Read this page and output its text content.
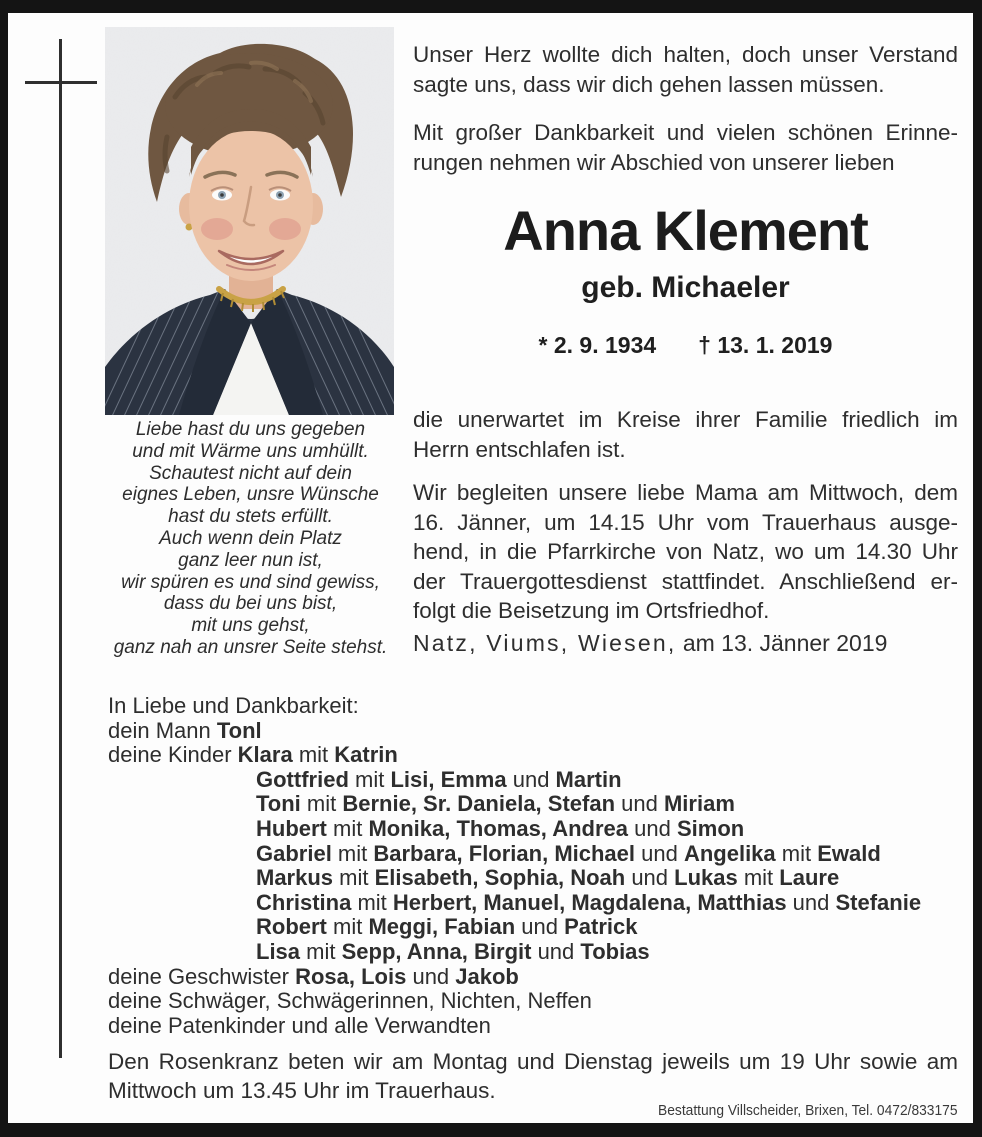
Liebe hast du uns gegeben
und mit Wärme uns umhüllt.
Schautest nicht auf dein
eignes Leben, unsre Wünsche
hast du stets erfüllt.
Auch wenn dein Platz
ganz leer nun ist,
wir spüren es und sind gewiss,
dass du bei uns bist,
mit uns gehst,
ganz nah an unsrer Seite stehst.
Unser Herz wollte dich halten, doch unser Verstand
sagte uns, dass wir dich gehen lassen müssen.
Mit großer Dankbarkeit und vielen schönen Erinne-
rungen nehmen wir Abschied von unserer lieben
Anna Klement
geb. Michaeler
* 2. 9. 1934 † 13. 1. 2019
die unerwartet im Kreise ihrer Familie friedlich im
Herrn entschlafen ist.
Wir begleiten unsere liebe Mama am Mittwoch, dem
16. Jänner, um 14.15 Uhr vom Trauerhaus ausge-
hend, in die Pfarrkirche von Natz, wo um 14.30 Uhr
der Trauergottesdienst stattfindet. Anschließend er-
folgt die Beisetzung im Ortsfriedhof.
Natz, Viums, Wiesen, am 13. Jänner 2019
In Liebe und Dankbarkeit:
dein Mann Tonl
deine Kinder Klara mit Katrin
Gottfried mit Lisi, Emma und Martin
Toni mit Bernie, Sr. Daniela, Stefan und Miriam
Hubert mit Monika, Thomas, Andrea und Simon
Gabriel mit Barbara, Florian, Michael und Angelika mit Ewald
Markus mit Elisabeth, Sophia, Noah und Lukas mit Laure
Christina mit Herbert, Manuel, Magdalena, Matthias und Stefanie
Robert mit Meggi, Fabian und Patrick
Lisa mit Sepp, Anna, Birgit und Tobias
deine Geschwister Rosa, Lois und Jakob
deine Schwäger, Schwägerinnen, Nichten, Neffen
deine Patenkinder und alle Verwandten
Den Rosenkranz beten wir am Montag und Dienstag jeweils um 19 Uhr sowie am
Mittwoch um 13.45 Uhr im Trauerhaus.
Bestattung Villscheider, Brixen, Tel. 0472/833175
